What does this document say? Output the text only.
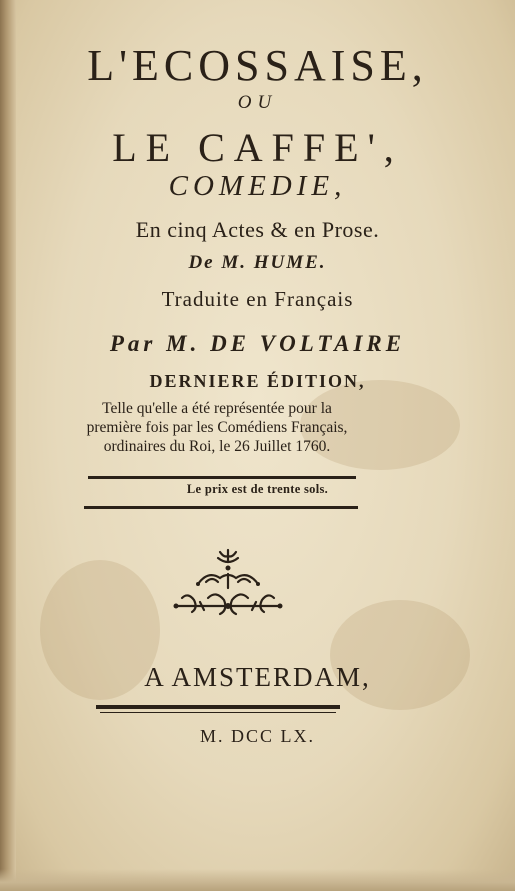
L'ECOSSAISE,
OU
LE CAFFE',
COMEDIE,
En cinq Actes & en Prose.
De M. HUME.
Traduite en Français
Par M. DE VOLTAIRE
DERNIERE ÉDITION,
Telle qu'elle a été représentée pour la
première fois par les Comédiens Français,
ordinaires du Roi, le 26 Juillet 1760.
Le prix est de trente sols.
A AMSTERDAM,
M. DCC LX.
